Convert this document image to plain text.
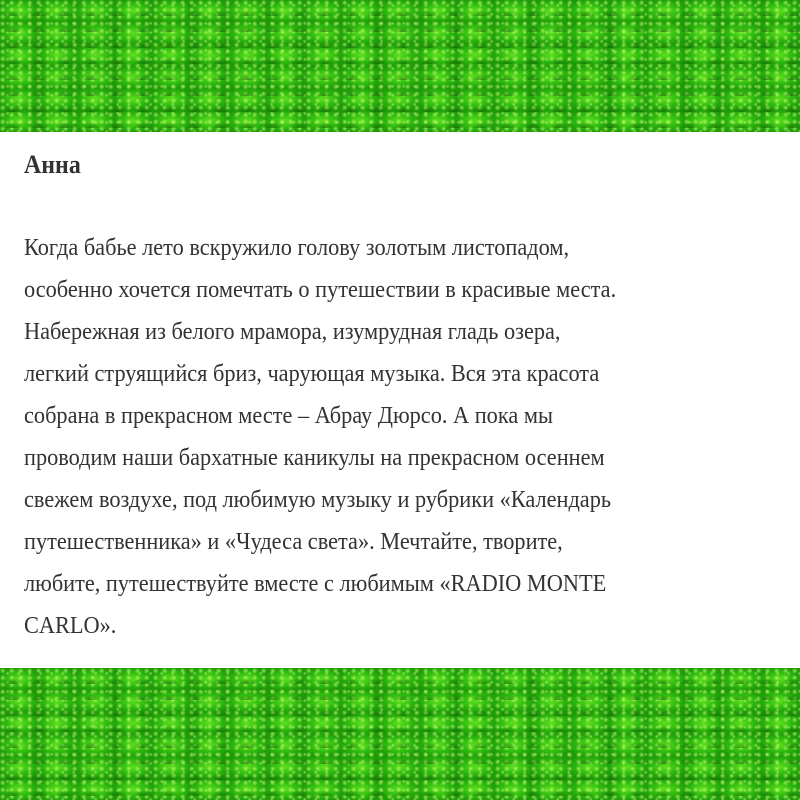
Анна
Когда бабье лето вскружило голову золотым листопадом,
особенно хочется помечтать о путешествии в красивые места.
Набережная из белого мрамора, изумрудная гладь озера,
легкий струящийся бриз, чарующая музыка. Вся эта красота
собрана в прекрасном месте – Абрау Дюрсо. А пока мы
проводим наши бархатные каникулы на прекрасном осеннем
свежем воздухе, под любимую музыку и рубрики «Календарь
путешественника» и «Чудеса света». Мечтайте, творите,
любите, путешествуйте вместе с любимым «RADIO MONTE
CARLO».
